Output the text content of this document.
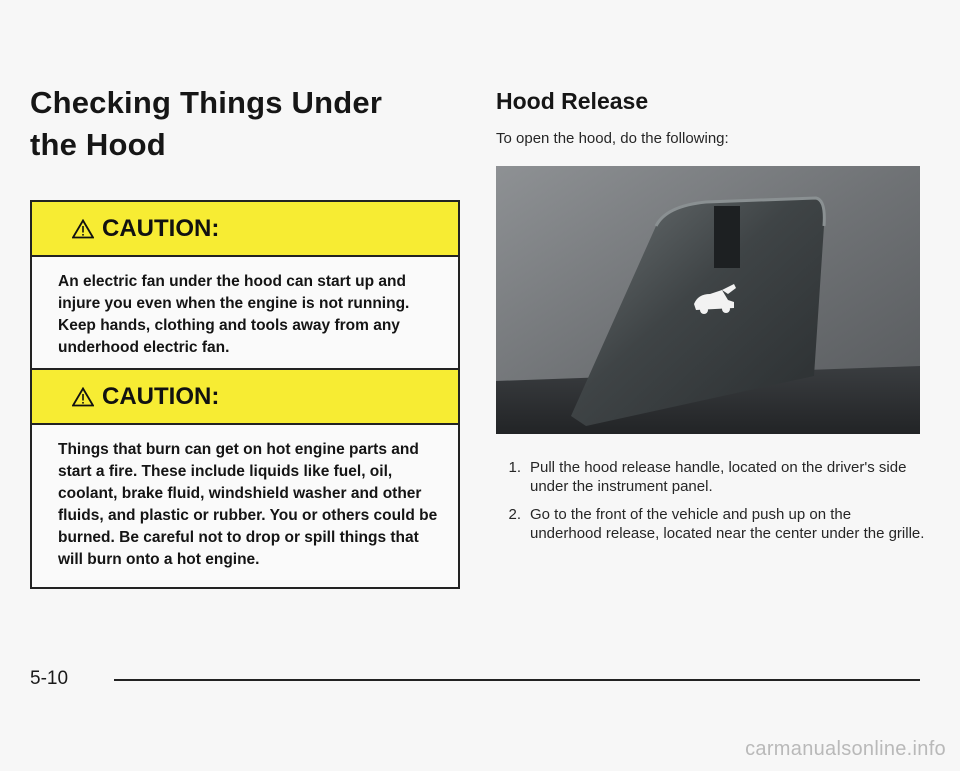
Checking Things Under
the Hood
CAUTION:
An electric fan under the hood can start up and injure you even when the engine is not running. Keep hands, clothing and tools away from any underhood electric fan.
CAUTION:
Things that burn can get on hot engine parts and start a fire. These include liquids like fuel, oil, coolant, brake fluid, windshield washer and other fluids, and plastic or rubber. You or others could be burned. Be careful not to drop or spill things that will burn onto a hot engine.
Hood Release

To open the hood, do the following:

1. Pull the hood release handle, located on the driver's side under the instrument panel.
2. Go to the front of the vehicle and push up on the underhood release, located near the center under the grille.
5-10
carmanualsonline.info
